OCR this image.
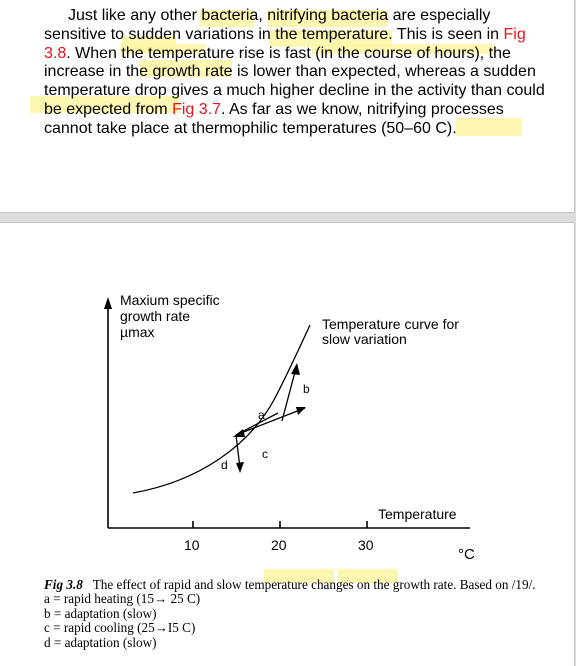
Just like any other bacteria, nitrifying bacteria are especially sensitive to sudden variations in the temperature. This is seen in Fig 3.8. When the temperature rise is fast (in the course of hours), the increase in the growth rate is lower than expected, whereas a sudden temperature drop gives a much higher decline in the activity than could be expected from Fig 3.7. As far as we know, nitrifying processes cannot take place at thermophilic temperatures (50–60 C).

Maxium specific
growth rate
µmax	Temperature curve for
slow variation
Temperature
10	20	30
°C
a
b
c
d
Fig 3.8 The effect of rapid and slow temperature changes on the growth rate. Based on /19/.
a = rapid heating (15→ 25 C)
b = adaptation (slow)
c = rapid cooling (25→I5 C)
d = adaptation (slow)
